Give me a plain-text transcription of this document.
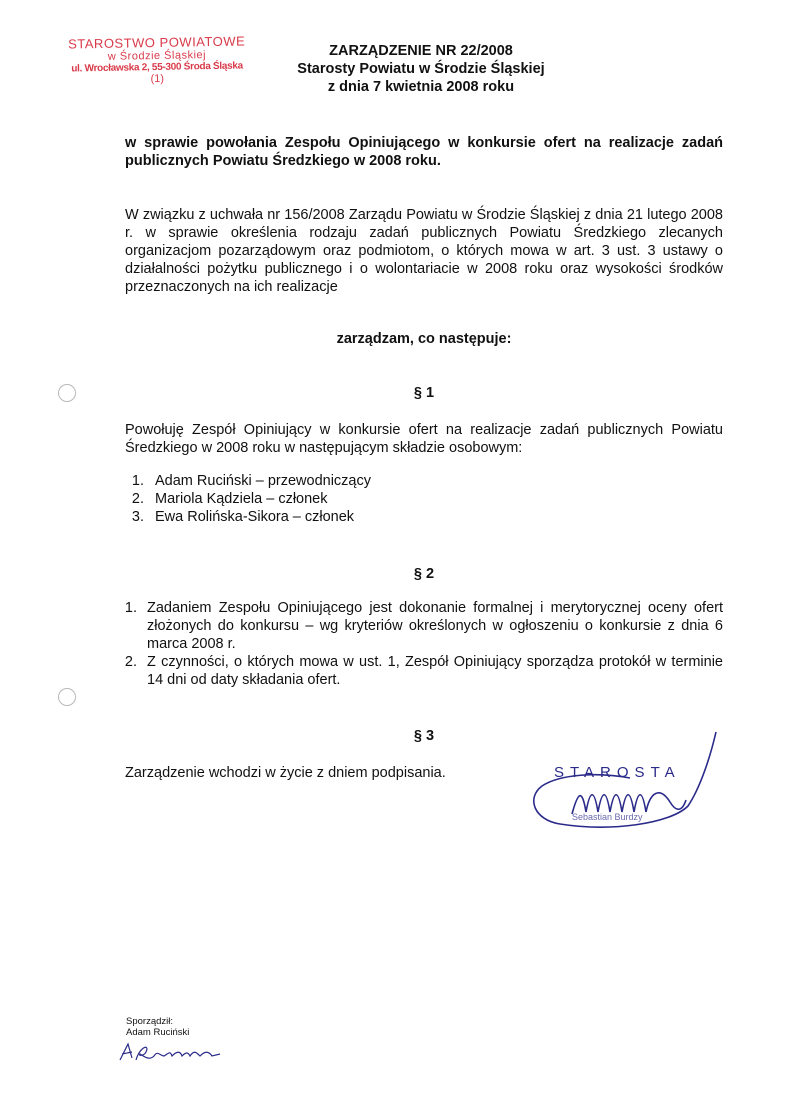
STAROSTWO POWIATOWE
w Środzie Śląskiej
ul. Wrocławska 2, 55-300 Środa Śląska
(1)
ZARZĄDZENIE NR 22/2008
Starosty Powiatu w Środzie Śląskiej
z dnia 7 kwietnia 2008 roku
w sprawie powołania Zespołu Opiniującego w konkursie ofert na realizacje zadań publicznych Powiatu Średzkiego w 2008 roku.
W związku z uchwała nr 156/2008 Zarządu Powiatu w Środzie Śląskiej z dnia 21 lutego 2008 r. w sprawie określenia rodzaju zadań publicznych Powiatu Średzkiego zlecanych organizacjom pozarządowym oraz podmiotom, o których mowa w art. 3 ust. 3 ustawy o działalności pożytku publicznego i o wolontariacie w 2008 roku oraz wysokości środków przeznaczonych na ich realizacje
zarządzam, co następuje:
§ 1
Powołuję Zespół Opiniujący w konkursie ofert na realizacje zadań publicznych Powiatu Średzkiego w 2008 roku w następującym składzie osobowym:
1. Adam Ruciński – przewodniczący
2. Mariola Kądziela – członek
3. Ewa Rolińska-Sikora – członek
§ 2
1. Zadaniem Zespołu Opiniującego jest dokonanie formalnej i merytorycznej oceny ofert złożonych do konkursu – wg kryteriów określonych w ogłoszeniu o konkursie z dnia 6 marca 2008 r.
2. Z czynności, o których mowa w ust. 1, Zespół Opiniujący sporządza protokół w terminie 14 dni od daty składania ofert.
§ 3
Zarządzenie wchodzi w życie z dniem podpisania.	STAROSTA
Sebastian Burdzy
Sporządził:
Adam Ruciński
